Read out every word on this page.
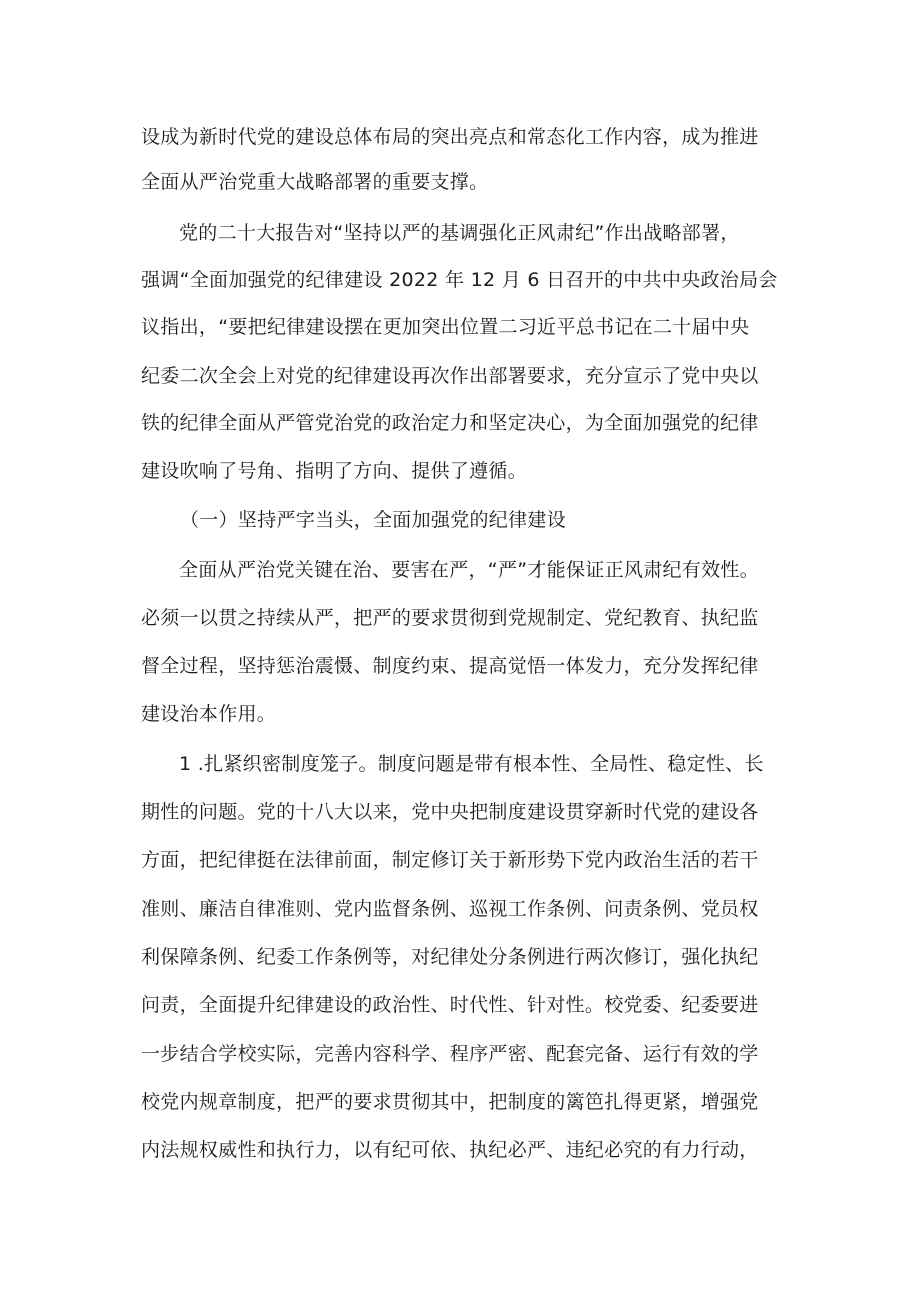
设成为新时代党的建设总体布局的突出亮点和常态化工作内容，成为推进
全面从严治党重大战略部署的重要支撑。
党的二十大报告对“坚持以严的基调强化正风肃纪”作出战略部署，
强调“全面加强党的纪律建设 2022 年 12 月 6 日召开的中共中央政治局会
议指出，“要把纪律建设摆在更加突出位置二习近平总书记在二十届中央
纪委二次全会上对党的纪律建设再次作出部署要求，充分宣示了党中央以
铁的纪律全面从严管党治党的政治定力和坚定决心，为全面加强党的纪律
建设吹响了号角、指明了方向、提供了遵循。
（一）坚持严字当头，全面加强党的纪律建设
全面从严治党关键在治、要害在严，“严”才能保证正风肃纪有效性。
必须一以贯之持续从严，把严的要求贯彻到党规制定、党纪教育、执纪监
督全过程，坚持惩治震慑、制度约束、提高觉悟一体发力，充分发挥纪律
建设治本作用。
1 .扎紧织密制度笼子。制度问题是带有根本性、全局性、稳定性、长
期性的问题。党的十八大以来，党中央把制度建设贯穿新时代党的建设各
方面，把纪律挺在法律前面，制定修订关于新形势下党内政治生活的若干
准则、廉洁自律准则、党内监督条例、巡视工作条例、问责条例、党员权
利保障条例、纪委工作条例等，对纪律处分条例进行两次修订，强化执纪
问责，全面提升纪律建设的政治性、时代性、针对性。校党委、纪委要进
一步结合学校实际，完善内容科学、程序严密、配套完备、运行有效的学
校党内规章制度，把严的要求贯彻其中，把制度的篱笆扎得更紧，增强党
内法规权威性和执行力，以有纪可依、执纪必严、违纪必究的有力行动，
